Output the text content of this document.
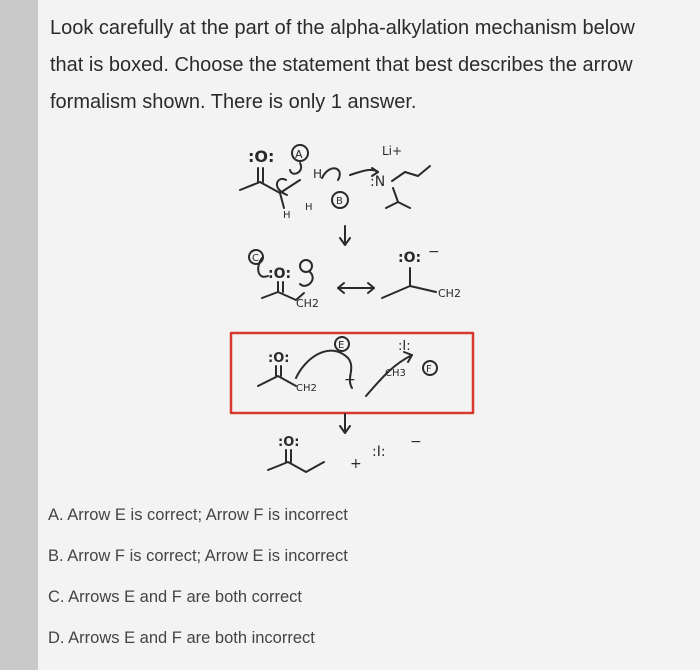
Look carefully at the part of the alpha-alkylation mechanism below
that is boxed. Choose the statement that best describes the arrow
formalism shown. There is only 1 answer.
:O: A
H
H
H
B
Li+
:N
C
:O:
CH2
:O: −
CH2
:O:
CH2
E
+
:I:
CH3 F
:O:
+
:I:
−
A. Arrow E is correct; Arrow F is incorrect
B. Arrow F is correct; Arrow E is incorrect
C. Arrows E and F are both correct
D. Arrows E and F are both incorrect
